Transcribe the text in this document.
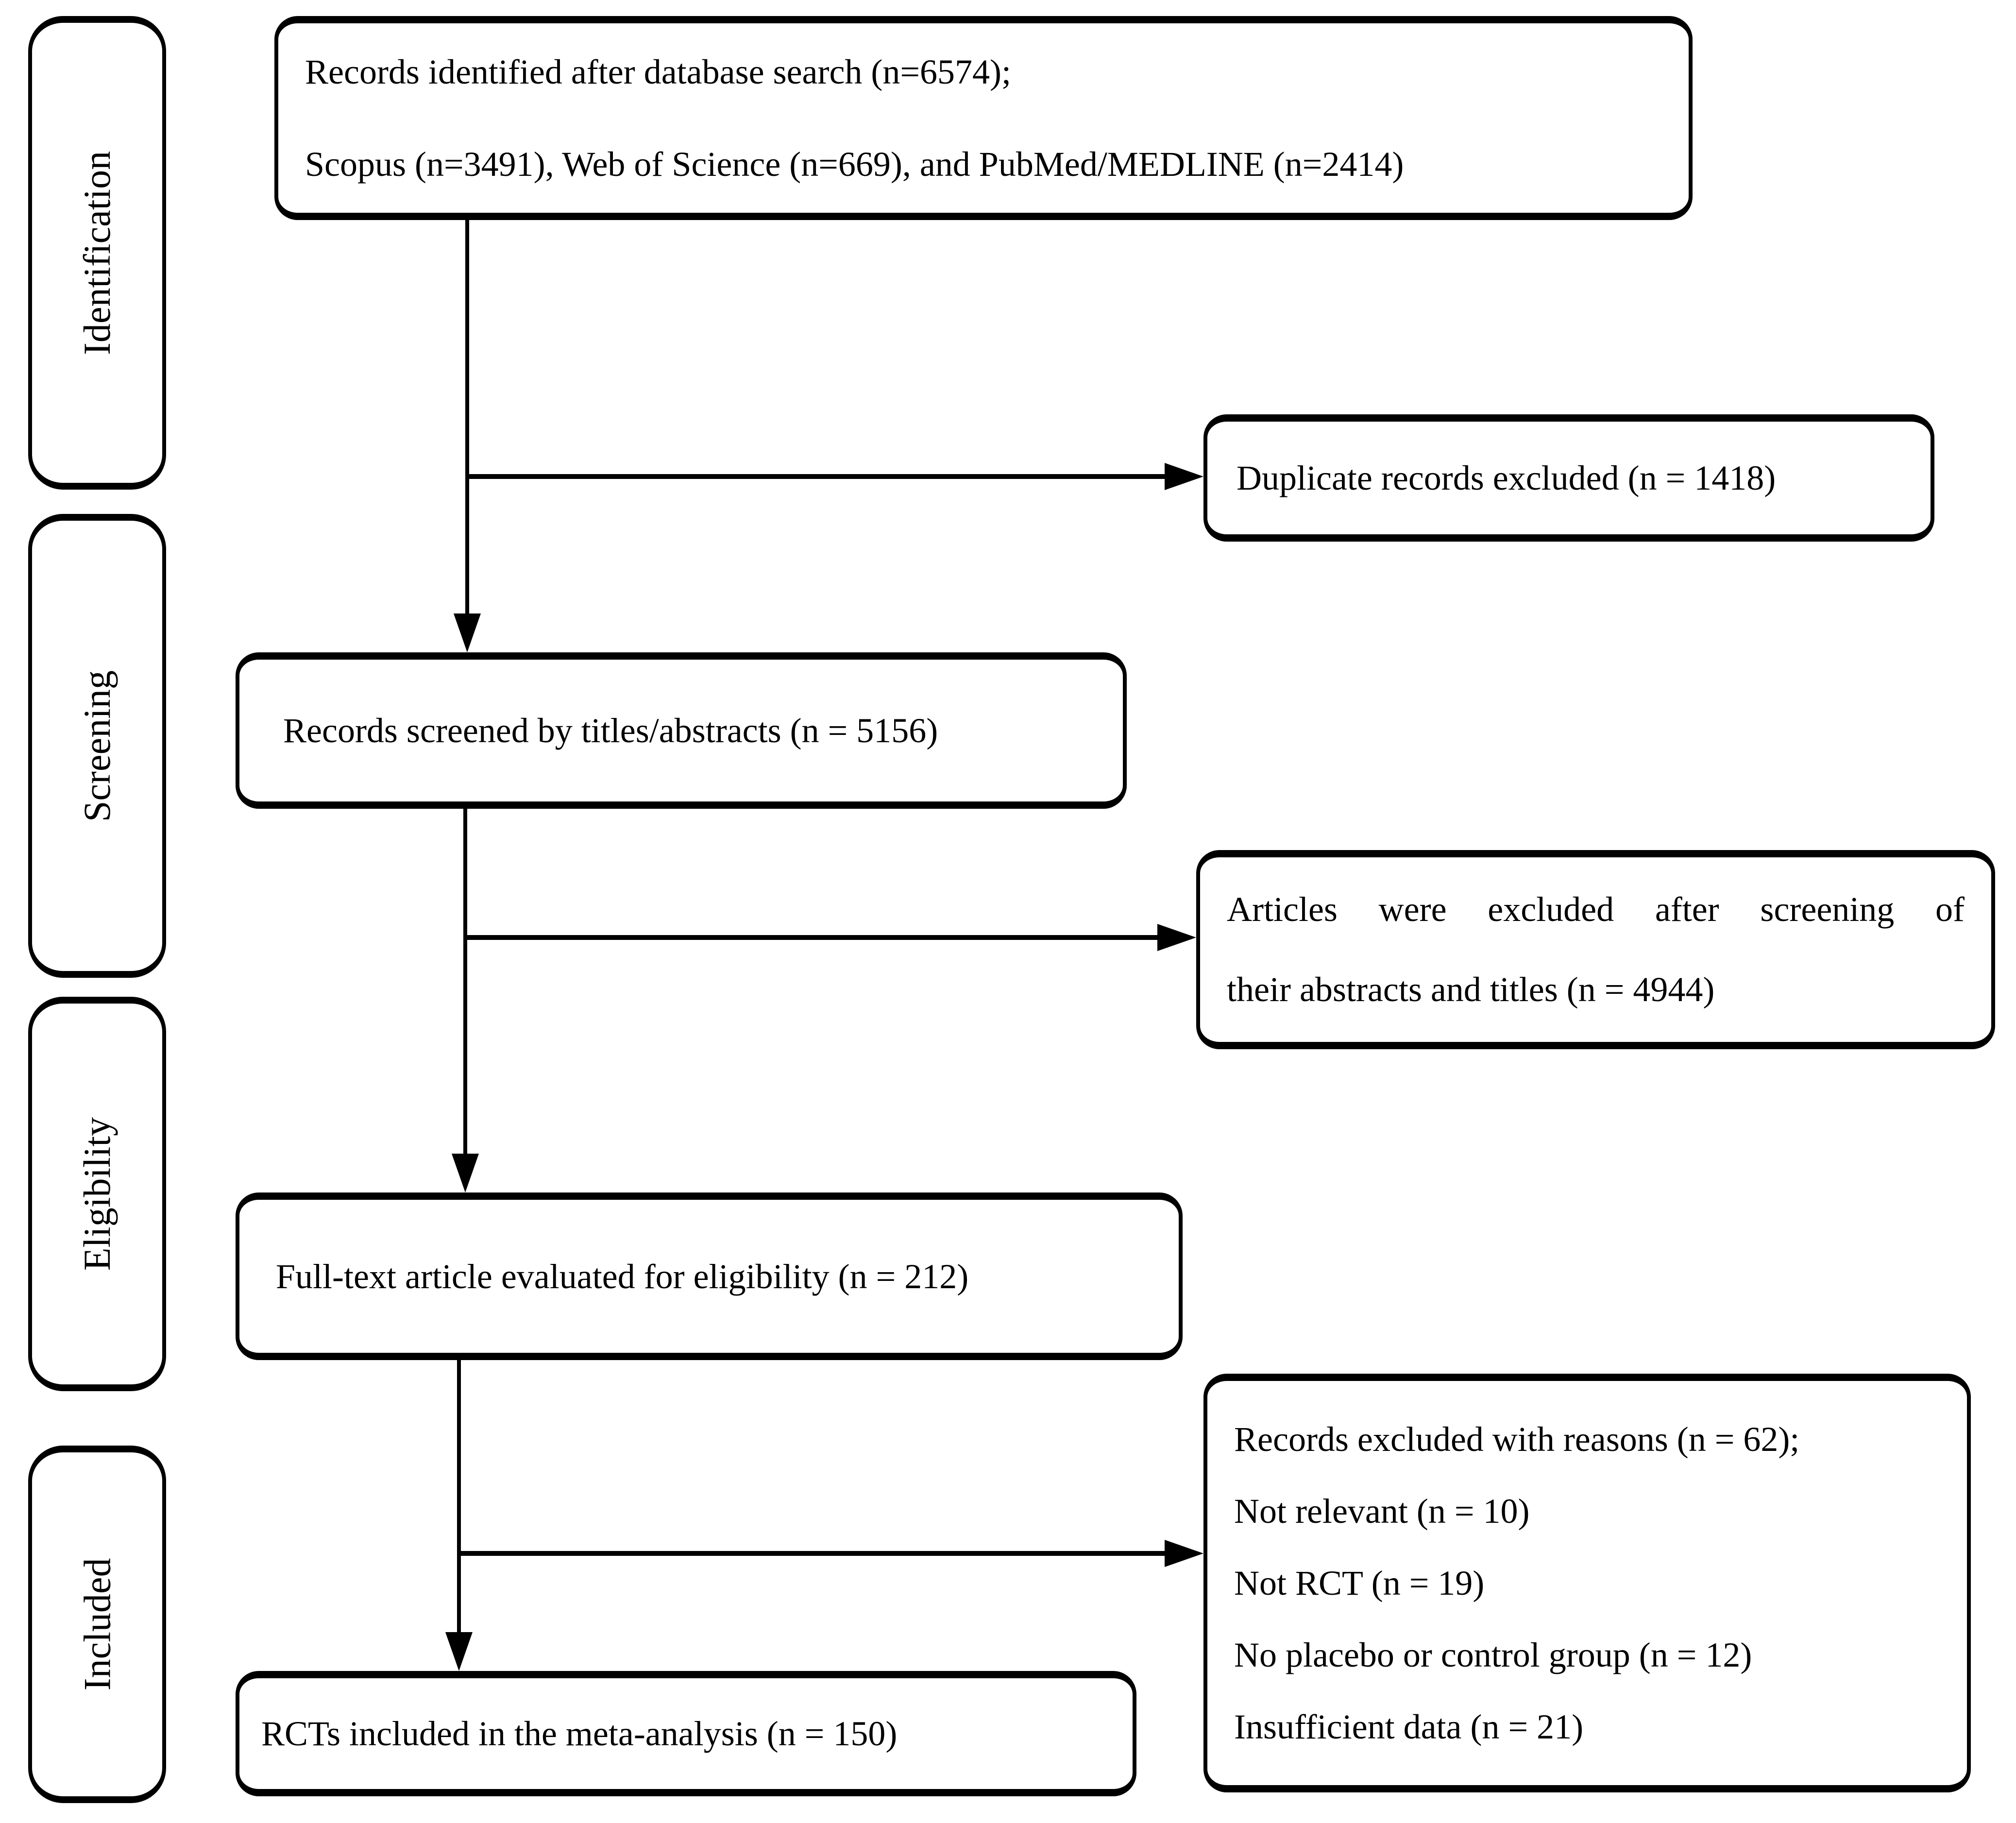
Identification
Screening
Eligibility
Included
Records identified after database search (n=6574);
Scopus (n=3491), Web of Science (n=669), and PubMed/MEDLINE (n=2414)
Duplicate records excluded (n = 1418)
Records screened by titles/abstracts (n = 5156)
Articles were excluded after screening of
their abstracts and titles (n = 4944)
Full-text article evaluated for eligibility (n = 212)
Records excluded with reasons (n = 62);
Not relevant (n = 10)
Not RCT (n = 19)
No placebo or control group (n = 12)
Insufficient data (n = 21)
RCTs included in the meta-analysis (n = 150)
